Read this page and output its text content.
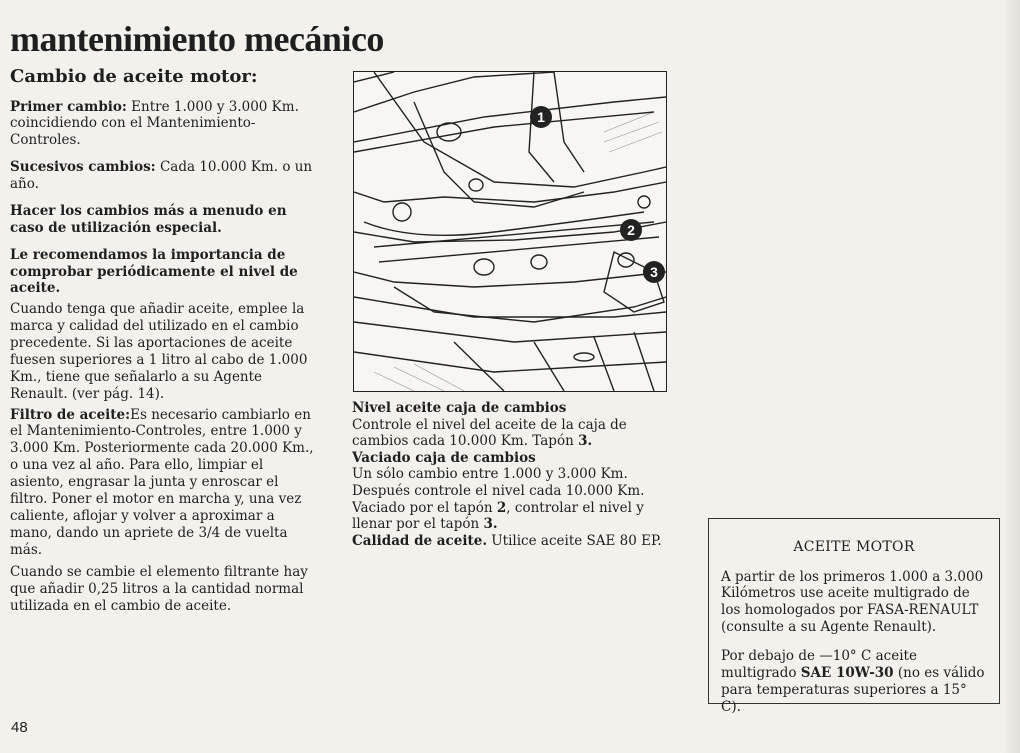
mantenimiento mecánico
Cambio de aceite motor:

Primer cambio: Entre 1.000 y 3.000 Km. coincidiendo con el Mantenimiento-Controles.

Sucesivos cambios: Cada 10.000 Km. o un año.

Hacer los cambios más a menudo en caso de utilización especial.

Le recomendamos la importancia de comprobar periódicamente el nivel de aceite.

Cuando tenga que añadir aceite, emplee la marca y calidad del utilizado en el cambio precedente. Si las aportaciones de aceite fuesen superiores a 1 litro al cabo de 1.000 Km., tiene que señalarlo a su Agente Renault. (ver pág. 14).

Filtro de aceite:Es necesario cambiarlo en el Mantenimiento-Controles, entre 1.000 y 3.000 Km. Posteriormente cada 20.000 Km., o una vez al año. Para ello, limpiar el asiento, engrasar la junta y enroscar el filtro. Poner el motor en marcha y, una vez caliente, aflojar y volver a aproximar a mano, dando un apriete de 3/4 de vuelta más.

Cuando se cambie el elemento filtrante hay que añadir 0,25 litros a la cantidad normal utilizada en el cambio de aceite.

1
2
3
Nivel aceite caja de cambios
Controle el nivel del aceite de la caja de cambios cada 10.000 Km. Tapón 3.
Vaciado caja de cambios
Un sólo cambio entre 1.000 y 3.000 Km. Después controle el nivel cada 10.000 Km. Vaciado por el tapón 2, controlar el nivel y llenar por el tapón 3.
Calidad de aceite. Utilice aceite SAE 80 EP.	ACEITE MOTOR
A partir de los primeros 1.000 a 3.000 Kilómetros use aceite multigrado de los homologados por FASA-RENAULT (consulte a su Agente Renault).
Por debajo de —10° C aceite multigrado SAE 10W-30 (no es válido para temperaturas superiores a 15° C).
48
